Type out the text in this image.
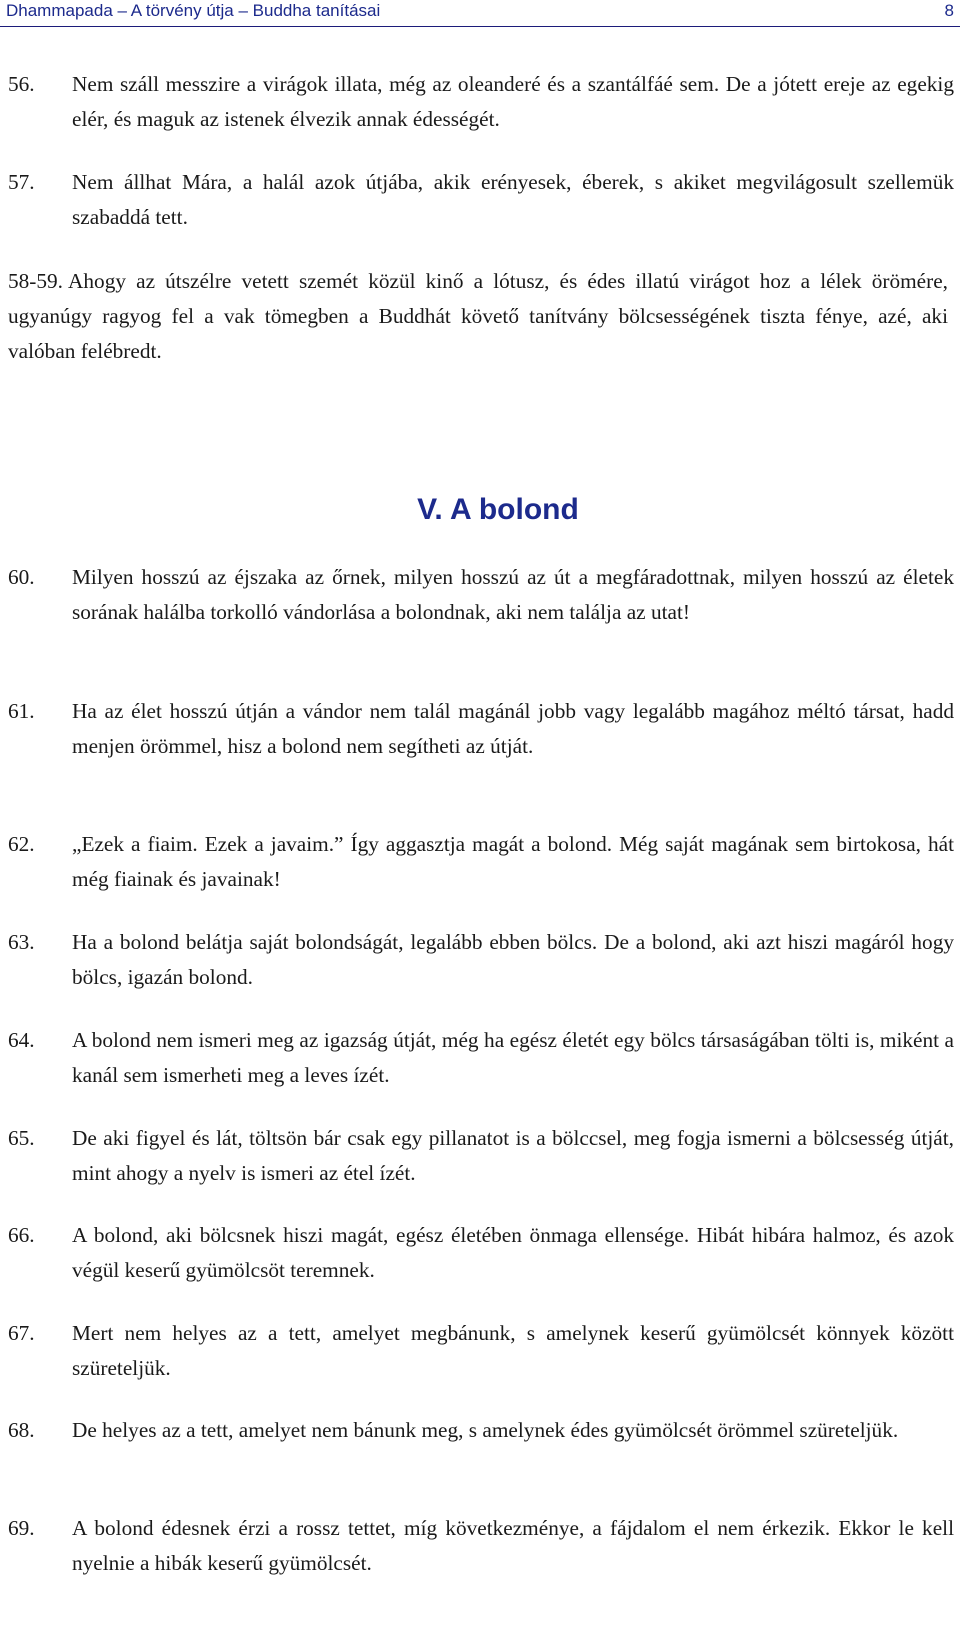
Dhammapada – A törvény útja – Buddha tanításai	8
56. Nem száll messzire a virágok illata, még az oleanderé és a szantálfáé sem. De a jótett ereje az egekig elér, és maguk az istenek élvezik annak édességét.
57. Nem állhat Mára, a halál azok útjába, akik erényesek, éberek, s akiket megvilágosult szellemük szabaddá tett.
58-59. Ahogy az útszélre vetett szemét közül kinő a lótusz, és édes illatú virágot hoz a lélek örömére, ugyanúgy ragyog fel a vak tömegben a Buddhát követő tanítvány bölcsességének tiszta fénye, azé, aki valóban felébredt.
V. A bolond
60. Milyen hosszú az éjszaka az őrnek, milyen hosszú az út a megfáradottnak, milyen hosszú az életek sorának halálba torkolló vándorlása a bolondnak, aki nem találja az utat!
61. Ha az élet hosszú útján a vándor nem talál magánál jobb vagy legalább magához méltó társat, hadd menjen örömmel, hisz a bolond nem segítheti az útját.
62. „Ezek a fiaim. Ezek a javaim.” Így aggasztja magát a bolond. Még saját magának sem birtokosa, hát még fiainak és javainak!
63. Ha a bolond belátja saját bolondságát, legalább ebben bölcs. De a bolond, aki azt hiszi magáról hogy bölcs, igazán bolond.
64. A bolond nem ismeri meg az igazság útját, még ha egész életét egy bölcs társaságában tölti is, miként a kanál sem ismerheti meg a leves ízét.
65. De aki figyel és lát, töltsön bár csak egy pillanatot is a bölccsel, meg fogja ismerni a bölcsesség útját, mint ahogy a nyelv is ismeri az étel ízét.
66. A bolond, aki bölcsnek hiszi magát, egész életében önmaga ellensége. Hibát hibára halmoz, és azok végül keserű gyümölcsöt teremnek.
67. Mert nem helyes az a tett, amelyet megbánunk, s amelynek keserű gyümölcsét könnyek között szüreteljük.
68. De helyes az a tett, amelyet nem bánunk meg, s amelynek édes gyümölcsét örömmel szüreteljük.
69. A bolond édesnek érzi a rossz tettet, míg következménye, a fájdalom el nem érkezik. Ekkor le kell nyelnie a hibák keserű gyümölcsét.
